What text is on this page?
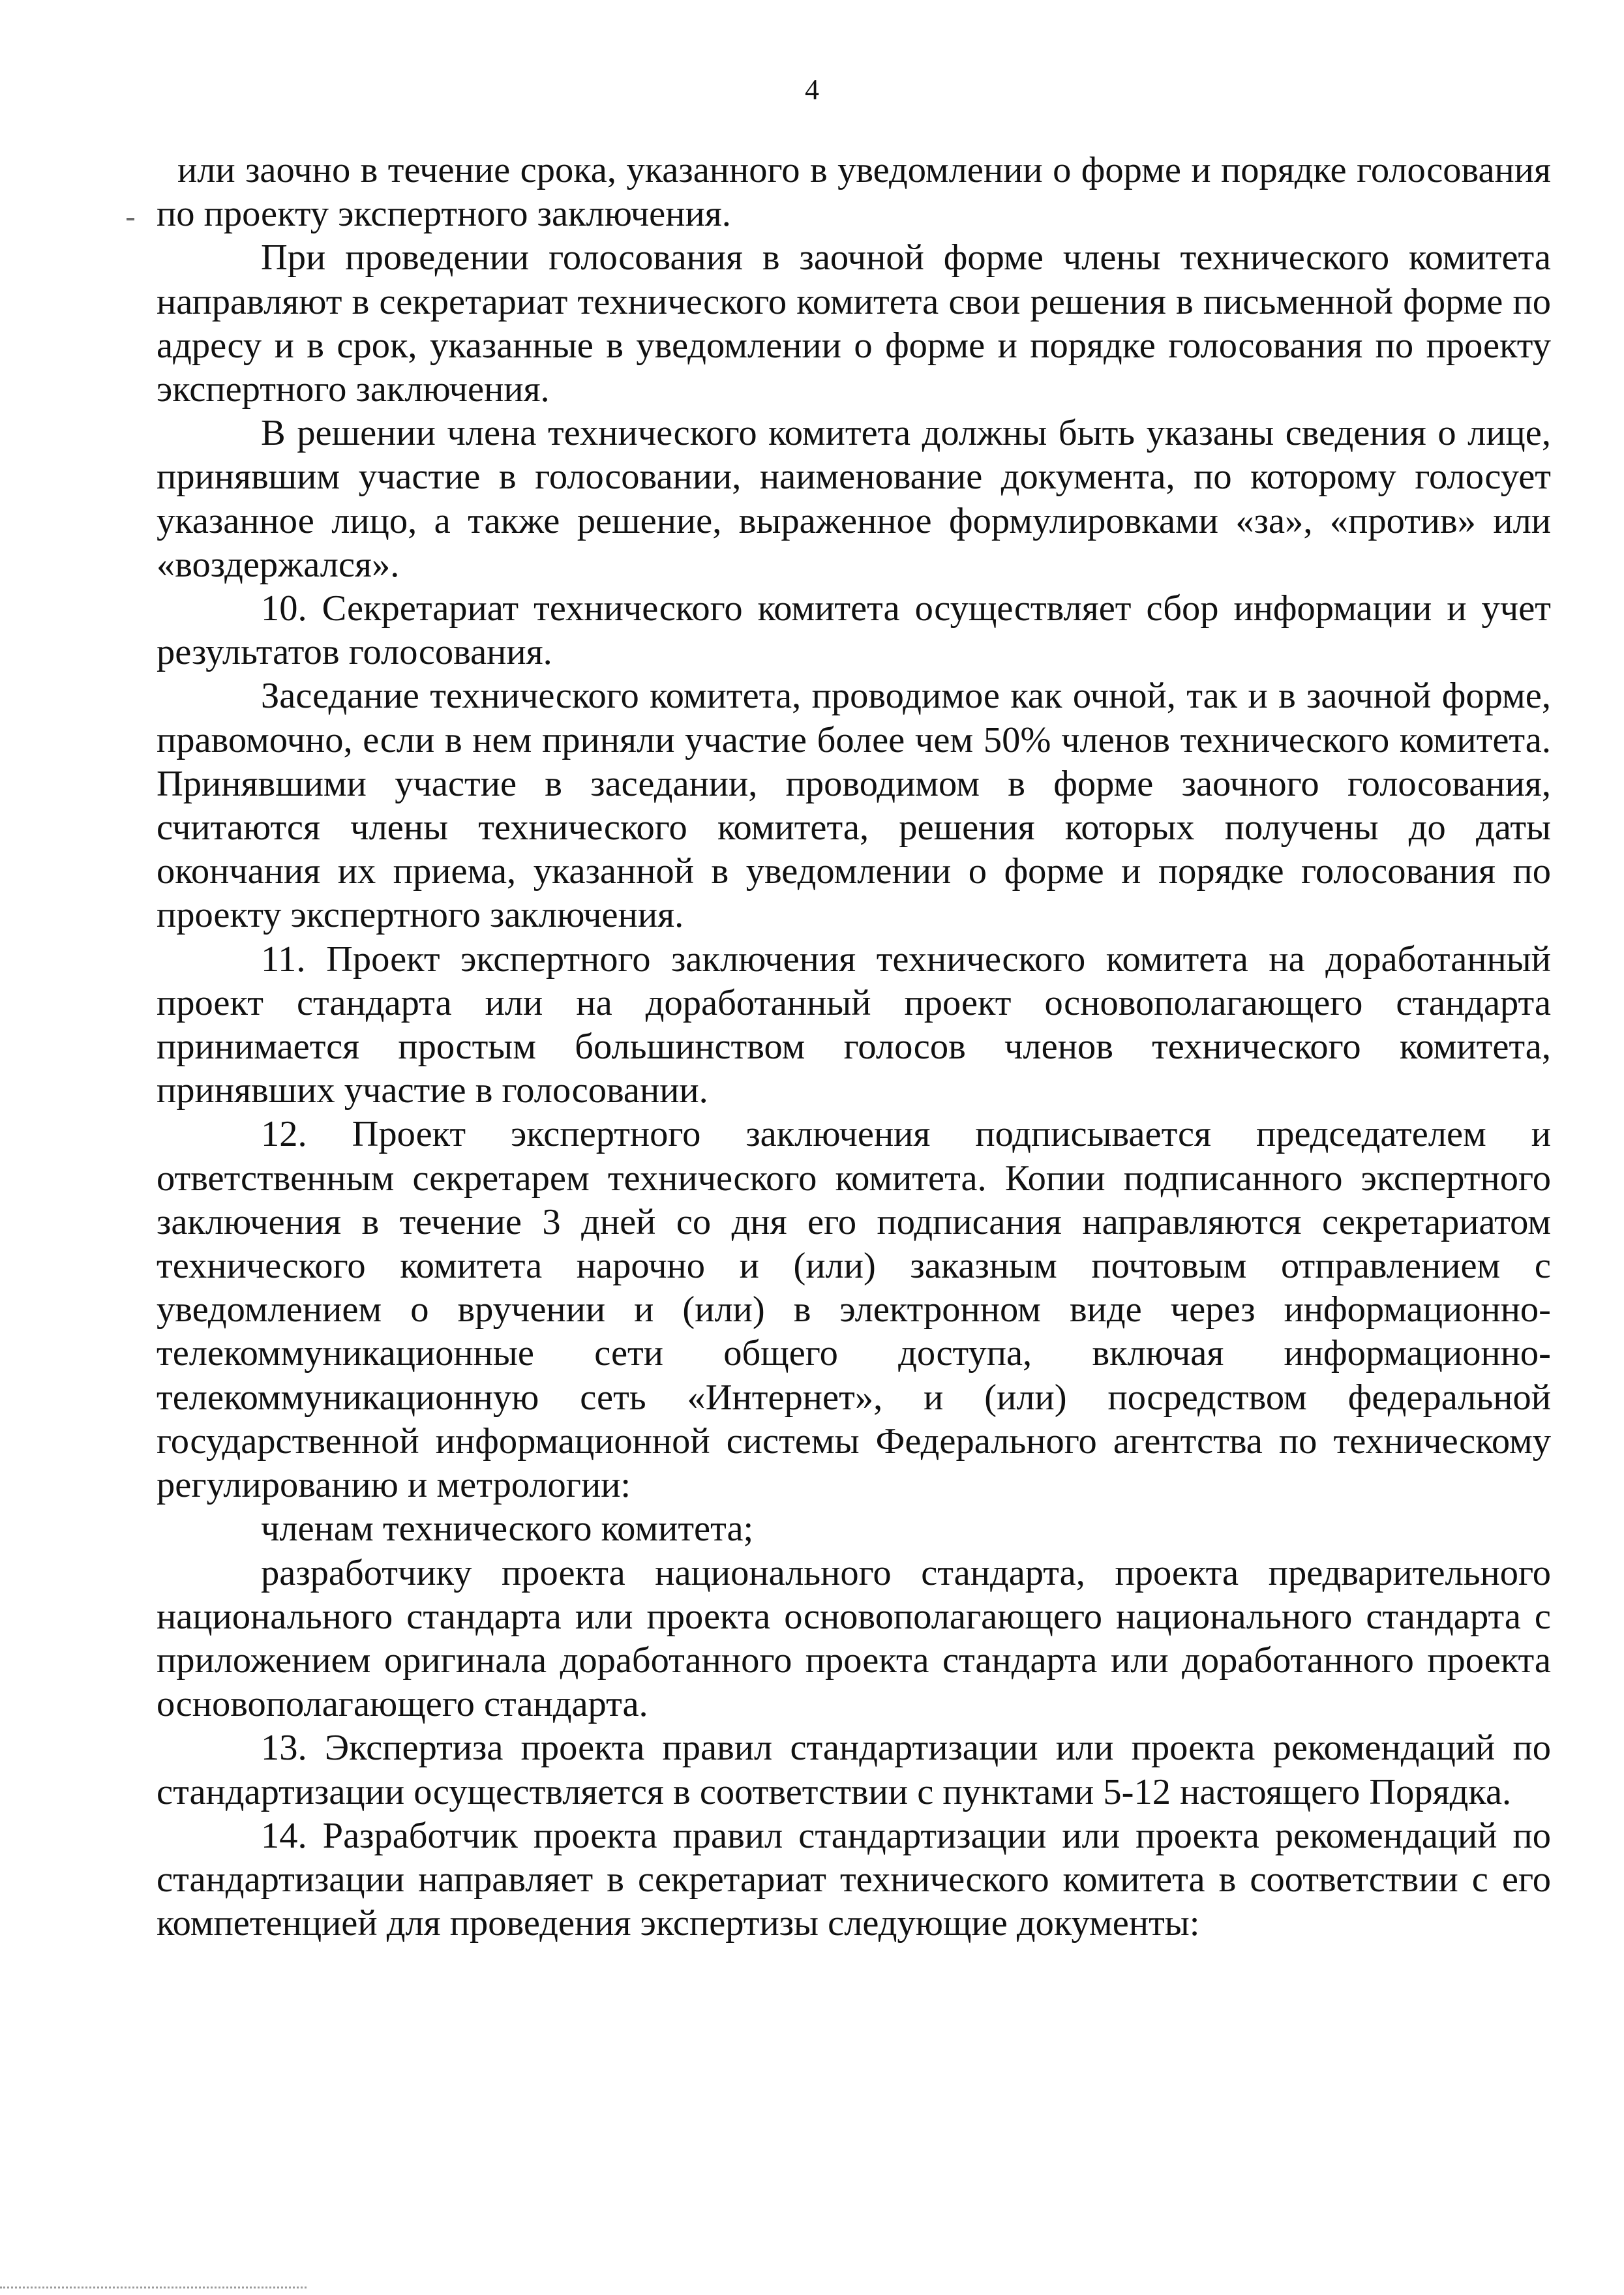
4

или заочно в течение срока, указанного в уведомлении о форме и порядке голосования по проекту экспертного заключения.

При проведении голосования в заочной форме члены технического комитета направляют в секретариат технического комитета свои решения в письменной форме по адресу и в срок, указанные в уведомлении о форме и порядке голосования по проекту экспертного заключения.

В решении члена технического комитета должны быть указаны сведения о лице, принявшим участие в голосовании, наименование документа, по которому голосует указанное лицо, а также решение, выраженное формулировками «за», «против» или «воздержался».

10. Секретариат технического комитета осуществляет сбор информации и учет результатов голосования.

Заседание технического комитета, проводимое как очной, так и в заочной форме, правомочно, если в нем приняли участие более чем 50% членов технического комитета. Принявшими участие в заседании, проводимом в форме заочного голосования, считаются члены технического комитета, решения которых получены до даты окончания их приема, указанной в уведомлении о форме и порядке голосования по проекту экспертного заключения.

11. Проект экспертного заключения технического комитета на доработанный проект стандарта или на доработанный проект основополагающего стандарта принимается простым большинством голосов членов технического комитета, принявших участие в голосовании.

12. Проект экспертного заключения подписывается председателем и ответственным секретарем технического комитета. Копии подписанного экспертного заключения в течение 3 дней со дня его подписания направляются секретариатом технического комитета нарочно и (или) заказным почтовым отправлением с уведомлением о вручении и (или) в электронном виде через информационно-телекоммуникационные сети общего доступа, включая информационно-телекоммуникационную сеть «Интернет», и (или) посредством федеральной государственной информационной системы Федерального агентства по техническому регулированию и метрологии:

членам технического комитета;

разработчику проекта национального стандарта, проекта предварительного национального стандарта или проекта основополагающего национального стандарта с приложением оригинала доработанного проекта стандарта или доработанного проекта основополагающего стандарта.

13. Экспертиза проекта правил стандартизации или проекта рекомендаций по стандартизации осуществляется в соответствии с пунктами 5-12 настоящего Порядка.

14. Разработчик проекта правил стандартизации или проекта рекомендаций по стандартизации направляет в секретариат технического комитета в соответствии с его компетенцией для проведения экспертизы следующие документы:
